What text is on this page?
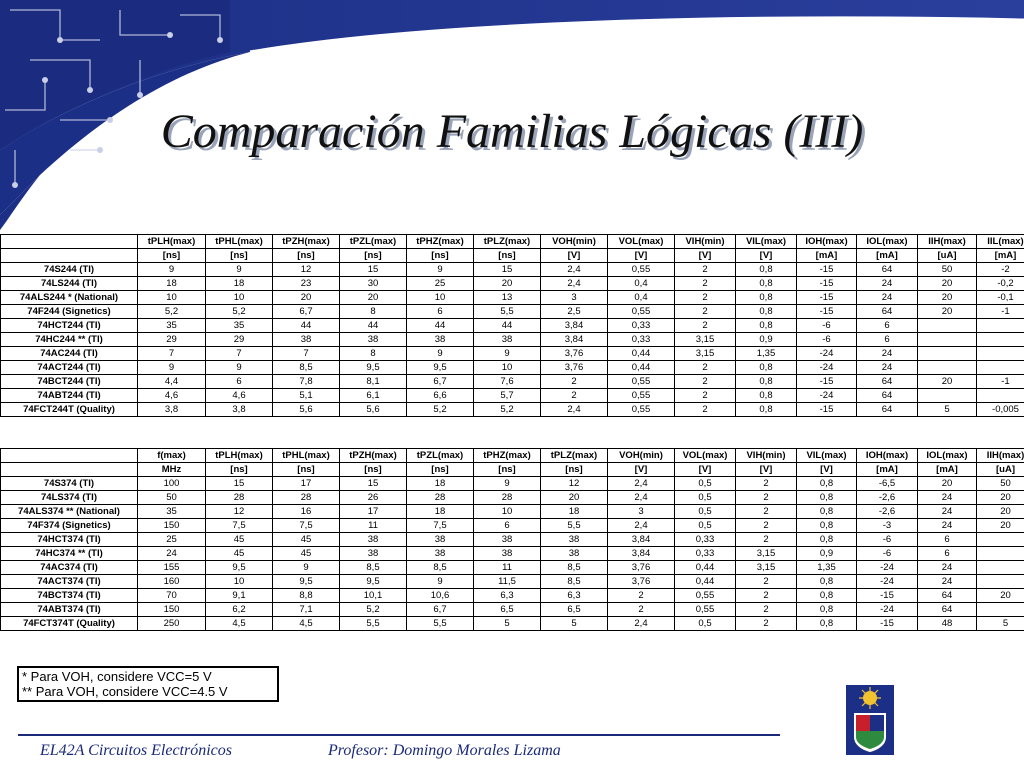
Comparación Familias Lógicas (III)
	tPLH(max)	tPHL(max)	tPZH(max)	tPZL(max)	tPHZ(max)	tPLZ(max)	VOH(min)	VOL(max)	VIH(min)	VIL(max)	IOH(max)	IOL(max)	IIH(max)	IIL(max)
	[ns]	[ns]	[ns]	[ns]	[ns]	[ns]	[V]	[V]	[V]	[V]	[mA]	[mA]	[uA]	[mA]
74S244 (TI)	9	9	12	15	9	15	2,4	0,55	2	0,8	-15	64	50	-2
74LS244 (TI)	18	18	23	30	25	20	2,4	0,4	2	0,8	-15	24	20	-0,2
74ALS244 * (National)	10	10	20	20	10	13	3	0,4	2	0,8	-15	24	20	-0,1
74F244 (Signetics)	5,2	5,2	6,7	8	6	5,5	2,5	0,55	2	0,8	-15	64	20	-1
74HCT244 (TI)	35	35	44	44	44	44	3,84	0,33	2	0,8	-6	6		
74HC244 ** (TI)	29	29	38	38	38	38	3,84	0,33	3,15	0,9	-6	6		
74AC244 (TI)	7	7	7	8	9	9	3,76	0,44	3,15	1,35	-24	24		
74ACT244 (TI)	9	9	8,5	9,5	9,5	10	3,76	0,44	2	0,8	-24	24		
74BCT244 (TI)	4,4	6	7,8	8,1	6,7	7,6	2	0,55	2	0,8	-15	64	20	-1
74ABT244 (TI)	4,6	4,6	5,1	6,1	6,6	5,7	2	0,55	2	0,8	-24	64		
74FCT244T (Quality)	3,8	3,8	5,6	5,6	5,2	5,2	2,4	0,55	2	0,8	-15	64	5	-0,005
	f(max)	tPLH(max)	tPHL(max)	tPZH(max)	tPZL(max)	tPHZ(max)	tPLZ(max)	VOH(min)	VOL(max)	VIH(min)	VIL(max)	IOH(max)	IOL(max)	IIH(max)
	MHz	[ns]	[ns]	[ns]	[ns]	[ns]	[ns]	[V]	[V]	[V]	[V]	[mA]	[mA]	[uA]
74S374 (TI)	100	15	17	15	18	9	12	2,4	0,5	2	0,8	-6,5	20	50
74LS374 (TI)	50	28	28	26	28	28	20	2,4	0,5	2	0,8	-2,6	24	20
74ALS374 ** (National)	35	12	16	17	18	10	18	3	0,5	2	0,8	-2,6	24	20
74F374 (Signetics)	150	7,5	7,5	11	7,5	6	5,5	2,4	0,5	2	0,8	-3	24	20
74HCT374 (TI)	25	45	45	38	38	38	38	3,84	0,33	2	0,8	-6	6	
74HC374 ** (TI)	24	45	45	38	38	38	38	3,84	0,33	3,15	0,9	-6	6	
74AC374 (TI)	155	9,5	9	8,5	8,5	11	8,5	3,76	0,44	3,15	1,35	-24	24	
74ACT374 (TI)	160	10	9,5	9,5	9	11,5	8,5	3,76	0,44	2	0,8	-24	24	
74BCT374 (TI)	70	9,1	8,8	10,1	10,6	6,3	6,3	2	0,55	2	0,8	-15	64	20
74ABT374 (TI)	150	6,2	7,1	5,2	6,7	6,5	6,5	2	0,55	2	0,8	-24	64	
74FCT374T (Quality)	250	4,5	4,5	5,5	5,5	5	5	2,4	0,5	2	0,8	-15	48	5
* Para VOH, considere VCC=5 V
** Para VOH, considere VCC=4.5 V
EL42A Circuitos Electrónicos	Profesor: Domingo Morales Lizama
